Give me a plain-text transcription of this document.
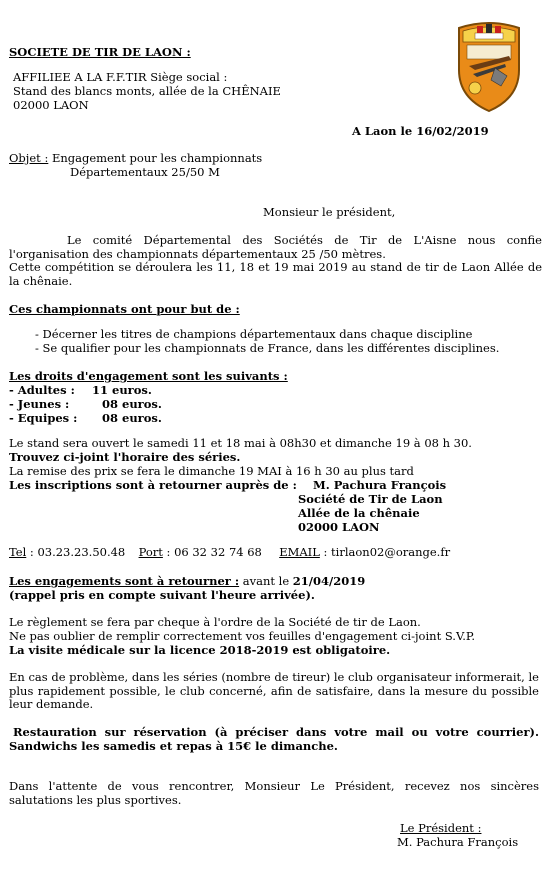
SOCIETE DE TIR DE LAON :
AFFILIEE A LA F.F.TIR Siège social :
Stand des blancs monts, allée de la CHÊNAIE
02000 LAON
A Laon le 16/02/2019
Objet : Engagement pour les championnats
Départementaux 25/50 M
Monsieur le président,
Le comité Départemental des Sociétés de Tir de L'Aisne nous confie l'organisation des championnats départementaux 25 /50 mètres.
Cette compétition se déroulera les 11, 18 et 19 mai 2019 au stand de tir de Laon Allée de la chênaie.
Ces championnats ont pour but de :
- Décerner les titres de champions départementaux dans chaque discipline
- Se qualifier pour les championnats de France, dans les différentes disciplines.
Les droits d'engagement sont les suivants :
- Adultes : 11 euros.
- Jeunes :	08 euros.
- Equipes : 08 euros.
Le stand sera ouvert le samedi 11 et 18 mai à 08h30 et dimanche 19 à 08 h 30.
Trouvez ci-joint l'horaire des séries.
La remise des prix se fera le dimanche 19 MAI à 16 h 30 au plus tard
Les inscriptions sont à retourner auprès de : M. Pachura François
Société de Tir de Laon
Allée de la chênaie
02000 LAON
Tel : 03.23.23.50.48 Port : 06 32 32 74 68 EMAIL : tirlaon02@orange.fr
Les engagements sont à retourner : avant le 21/04/2019
(rappel pris en compte suivant l'heure arrivée).
Le règlement se fera par cheque à l'ordre de la Société de tir de Laon.
Ne pas oublier de remplir correctement vos feuilles d'engagement ci-joint S.V.P.
La visite médicale sur la licence 2018-2019 est obligatoire.
En cas de problème, dans les séries (nombre de tireur) le club organisateur informerait, le plus rapidement possible, le club concerné, afin de satisfaire, dans la mesure du possible leur demande.
Restauration sur réservation (à préciser dans votre mail ou votre courrier). Sandwichs les samedis et repas à 15€ le dimanche.
Dans l'attente de vous rencontrer, Monsieur Le Président, recevez nos sincères salutations les plus sportives.
Le Président :
M. Pachura François
